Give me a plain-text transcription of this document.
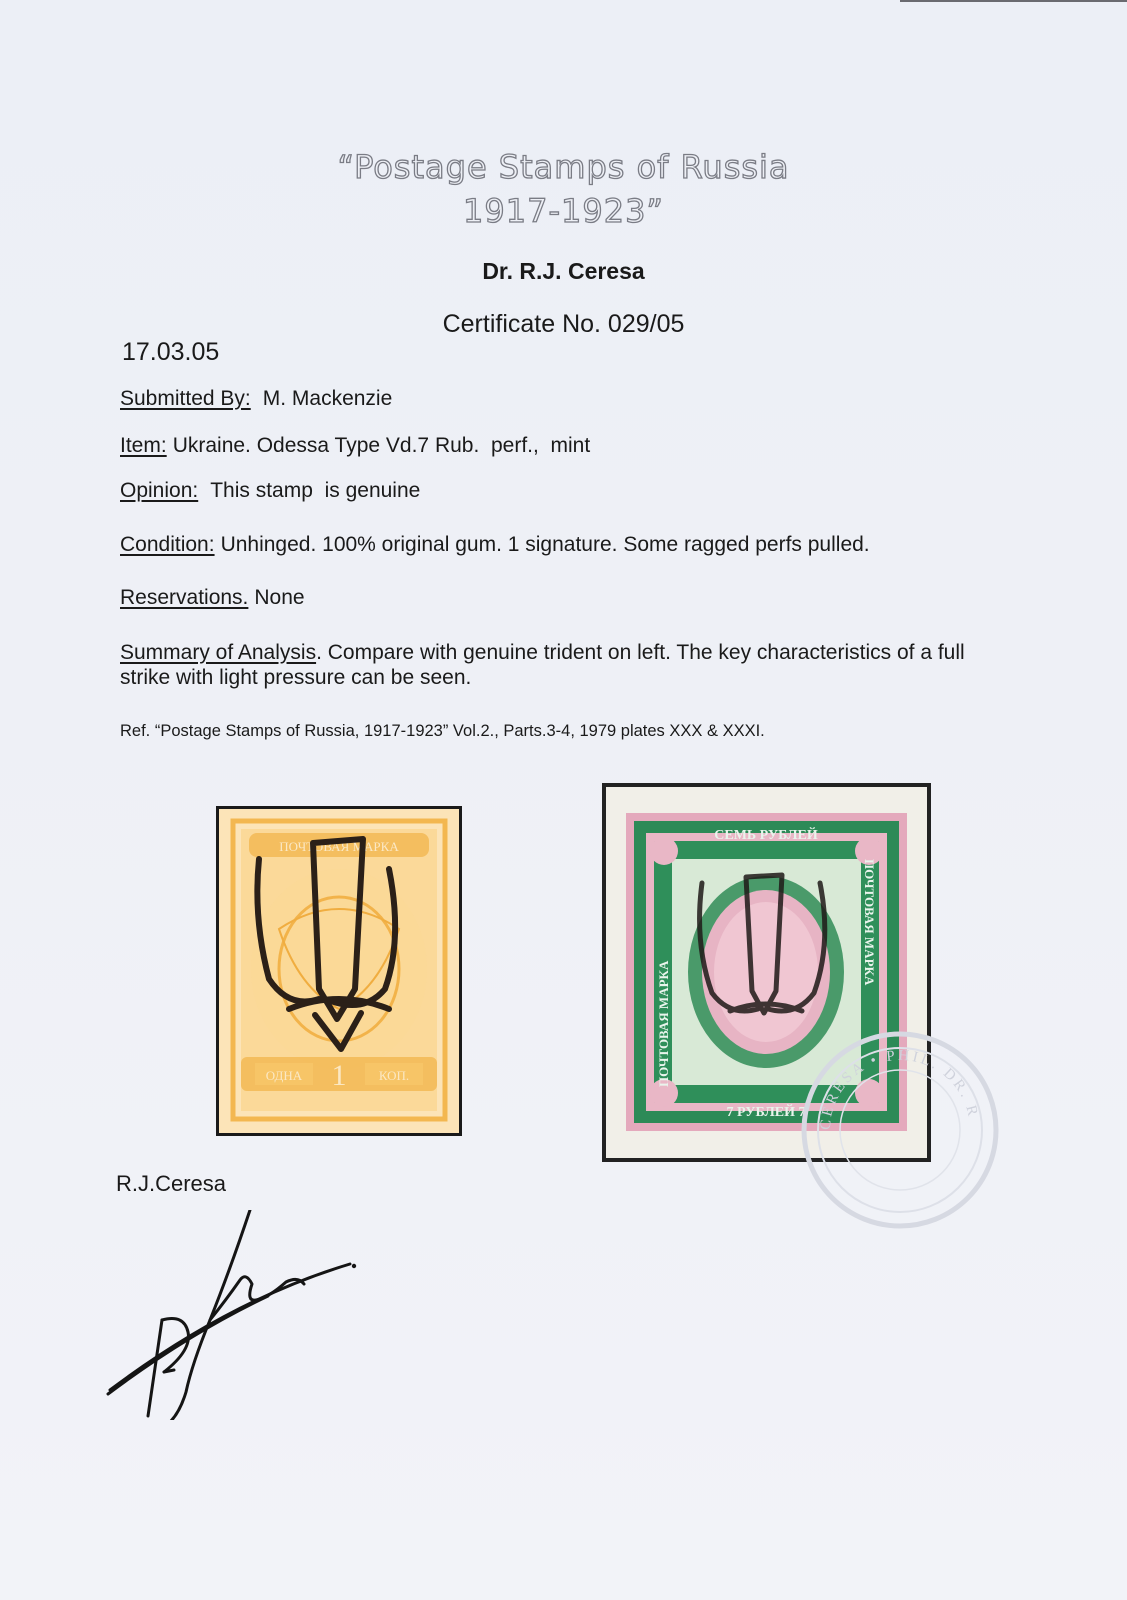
“Postage Stamps of Russia
1917-1923”
Dr. R.J. Ceresa
Certificate No. 029/05
17.03.05
Submitted By: M. Mackenzie
Item: Ukraine. Odessa Type Vd.7 Rub.  perf.,  mint
Opinion: This stamp  is genuine
Condition: Unhinged. 100% original gum. 1 signature. Some ragged perfs pulled.
Reservations. None
Summary of Analysis. Compare with genuine trident on left. The key characteristics of a full strike with light pressure can be seen.
Ref. “Postage Stamps of Russia, 1917-1923” Vol.2., Parts.3-4, 1979 plates XXX & XXXI.
ПОЧТОВАЯ МАРКА
ОДНА 1 КОП.
СЕМЬ РУБЛЕЙ
7 РУБЛЕЙ 7
ПОЧТОВАЯ МАРКА
ПОЧТОВАЯ МАРКА
CERESA • PHIL. DR. R
R.J.Ceresa
